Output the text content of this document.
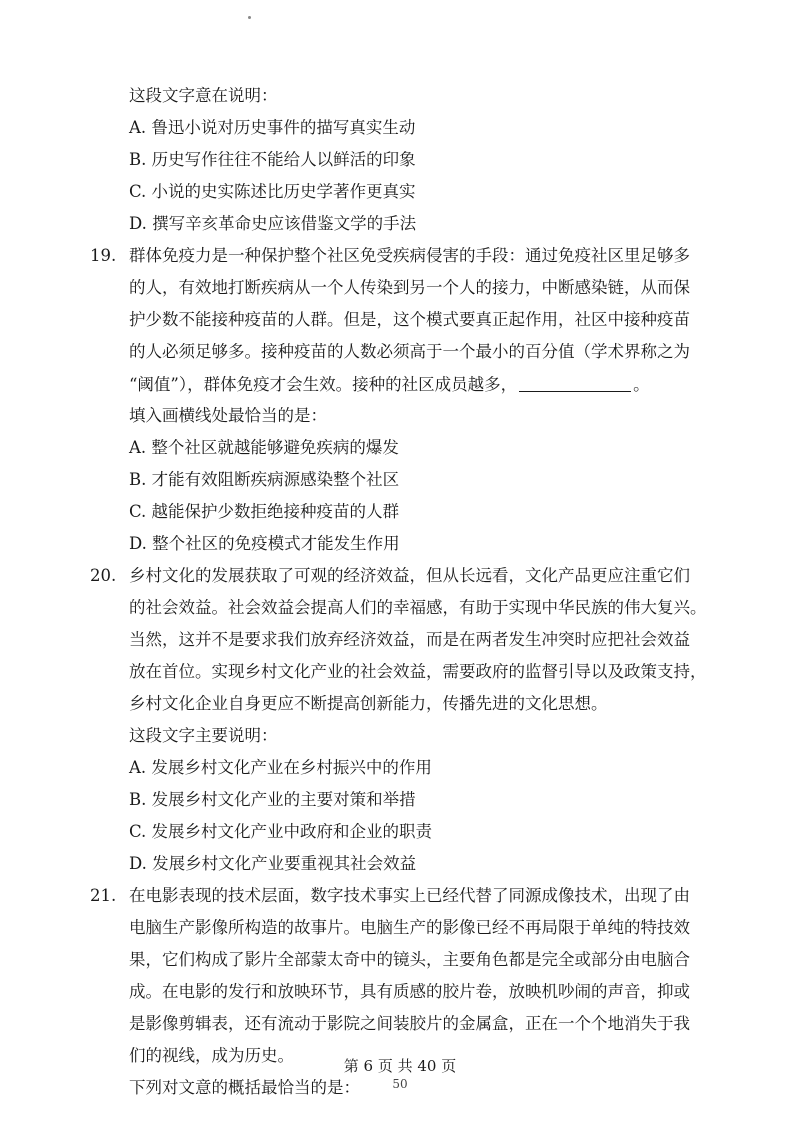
这段文字意在说明：
A. 鲁迅小说对历史事件的描写真实生动
B. 历史写作往往不能给人以鲜活的印象
C. 小说的史实陈述比历史学著作更真实
D. 撰写辛亥革命史应该借鉴文学的手法
19. 群体免疫力是一种保护整个社区免受疾病侵害的手段：通过免疫社区里足够多
的人，有效地打断疾病从一个人传染到另一个人的接力，中断感染链，从而保
护少数不能接种疫苗的人群。但是，这个模式要真正起作用，社区中接种疫苗
的人必须足够多。接种疫苗的人数必须高于一个最小的百分值（学术界称之为
“阈值”），群体免疫才会生效。接种的社区成员越多，	。
填入画横线处最恰当的是：
A. 整个社区就越能够避免疾病的爆发
B. 才能有效阻断疾病源感染整个社区
C. 越能保护少数拒绝接种疫苗的人群
D. 整个社区的免疫模式才能发生作用
20. 乡村文化的发展获取了可观的经济效益，但从长远看，文化产品更应注重它们
的社会效益。社会效益会提高人们的幸福感，有助于实现中华民族的伟大复兴。
当然，这并不是要求我们放弃经济效益，而是在两者发生冲突时应把社会效益
放在首位。实现乡村文化产业的社会效益，需要政府的监督引导以及政策支持，
乡村文化企业自身更应不断提高创新能力，传播先进的文化思想。
这段文字主要说明：
A. 发展乡村文化产业在乡村振兴中的作用
B. 发展乡村文化产业的主要对策和举措
C. 发展乡村文化产业中政府和企业的职责
D. 发展乡村文化产业要重视其社会效益
21. 在电影表现的技术层面，数字技术事实上已经代替了同源成像技术，出现了由
电脑生产影像所构造的故事片。电脑生产的影像已经不再局限于单纯的特技效
果，它们构成了影片全部蒙太奇中的镜头，主要角色都是完全或部分由电脑合
成。在电影的发行和放映环节，具有质感的胶片卷，放映机吵闹的声音，抑或
是影像剪辑表，还有流动于影院之间装胶片的金属盒，正在一个个地消失于我
们的视线，成为历史。
下列对文意的概括最恰当的是：
第 6 页 共 40 页
50
